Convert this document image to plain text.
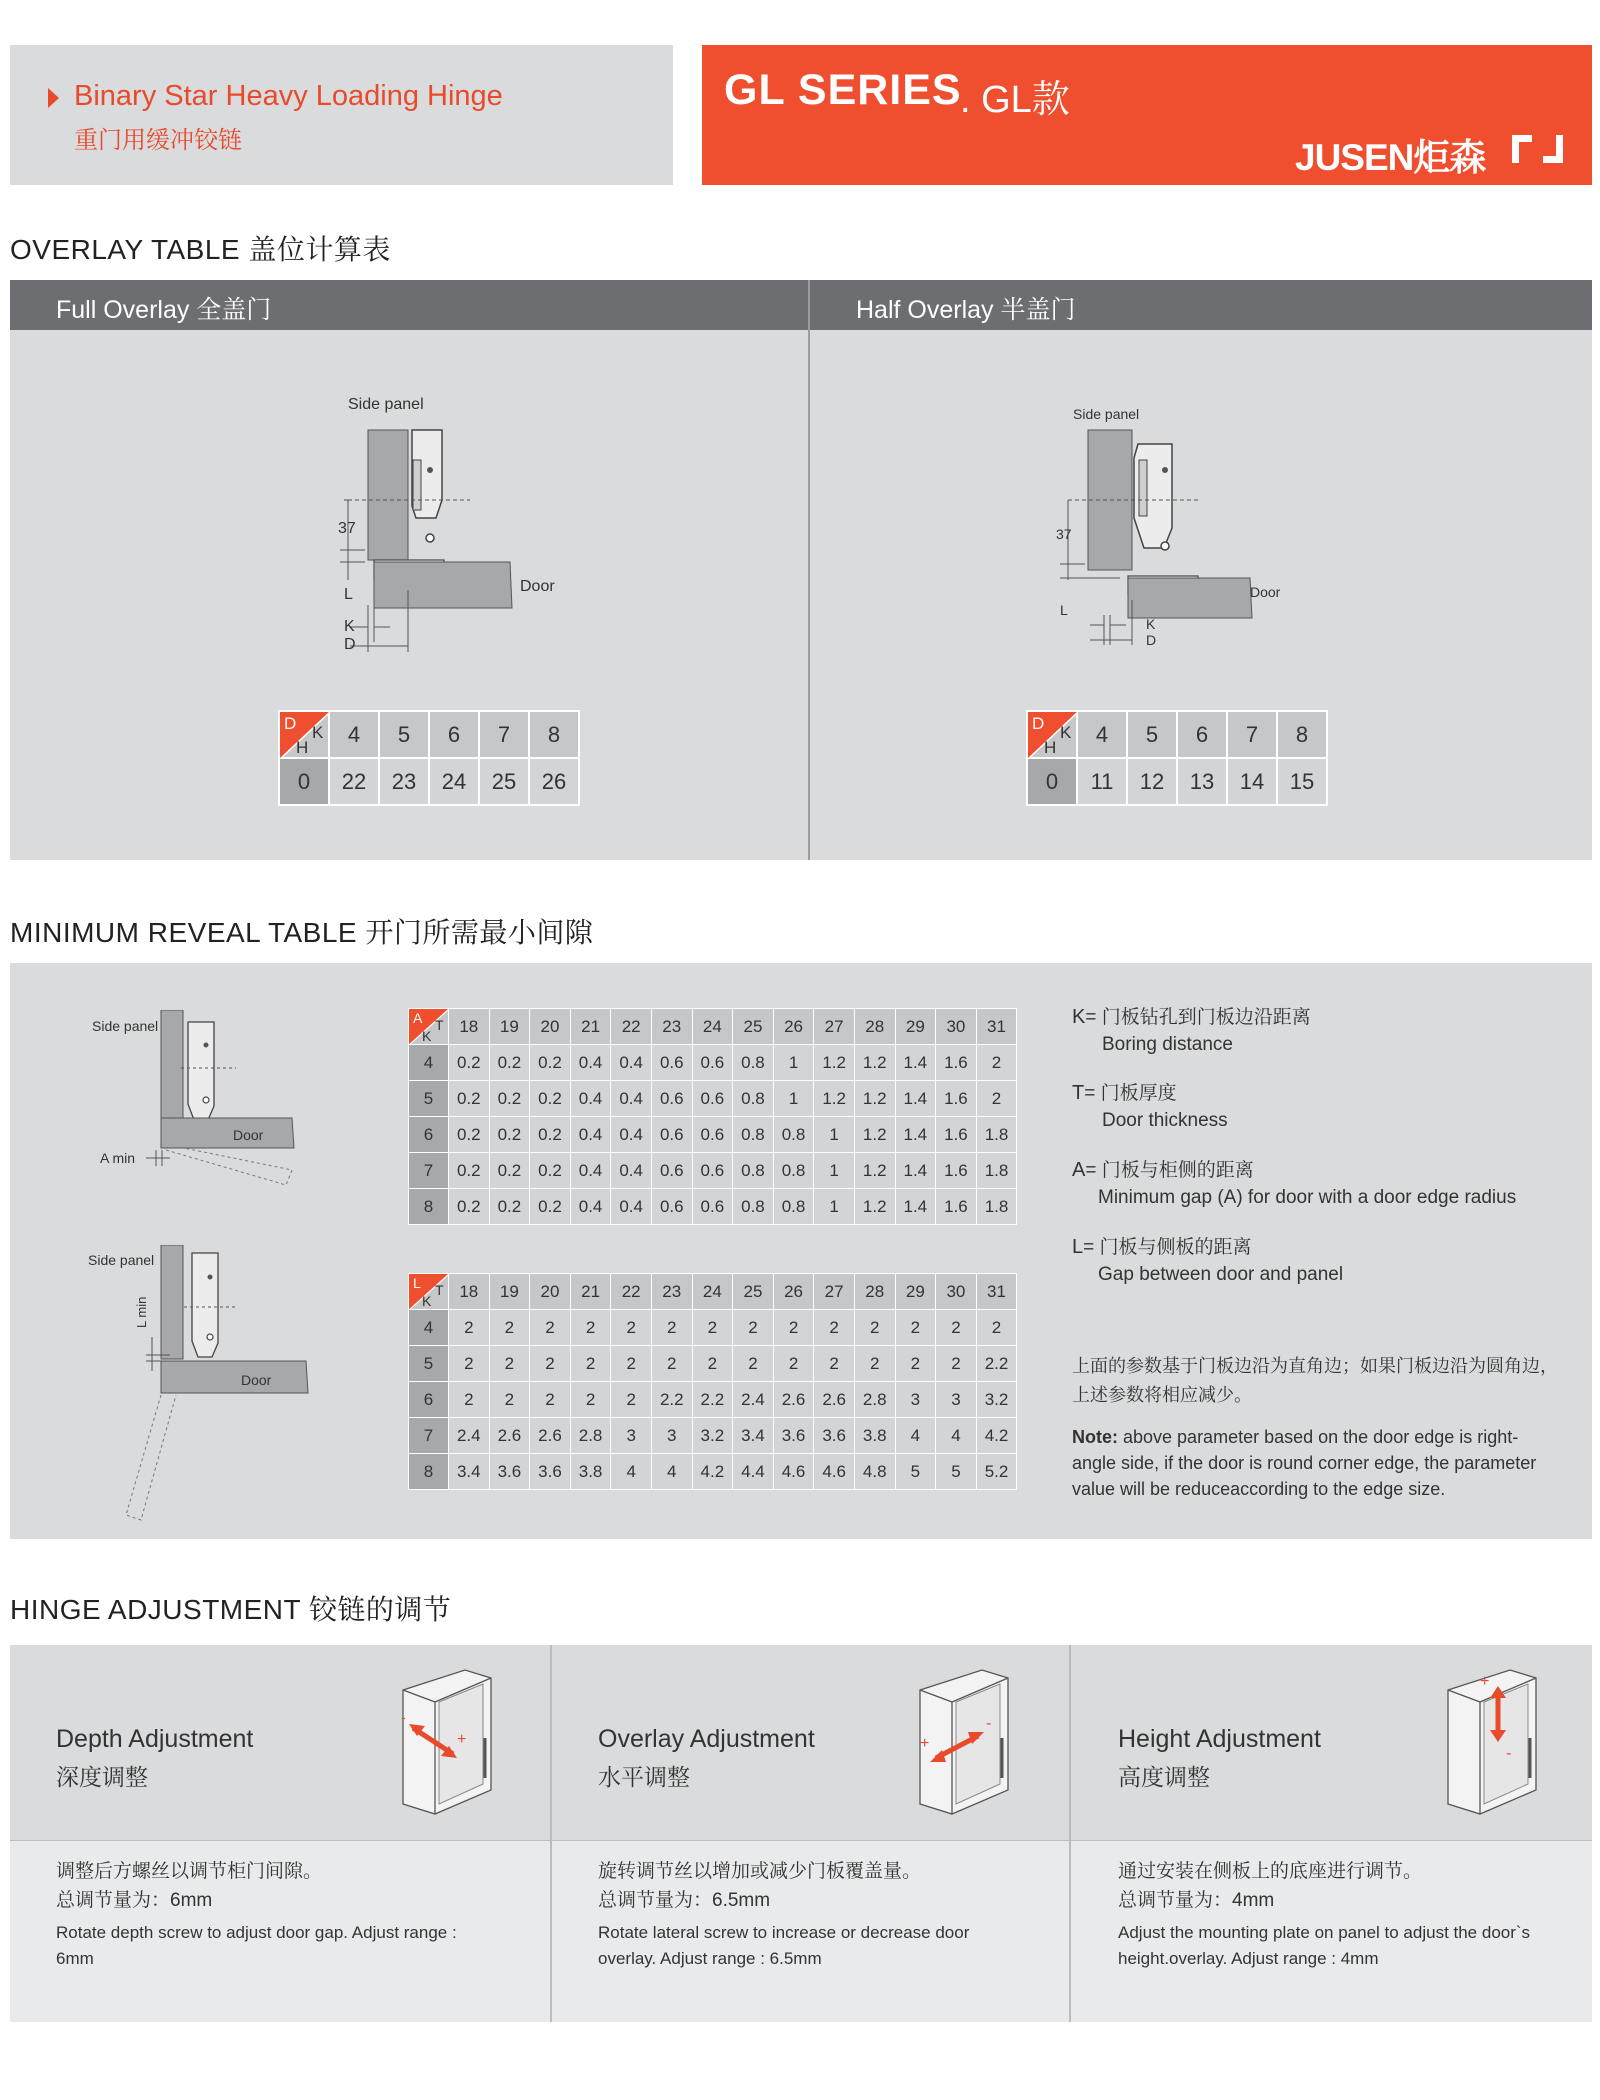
Binary Star Heavy Loading Hinge
重门用缓冲铰链
GL SERIES
. GL款
JUSEN炬森
OVERLAY TABLE 盖位计算表
Full Overlay 全盖门	Half Overlay 半盖门
Side panel
37
Door
L
K
D
D K
H	4	5	6	7	8
0	22	23	24	25	26
Side panel
37
Door
L
K
D
D K
H	4	5	6	7	8
0	11	12	13	14	15
MINIMUM REVEAL TABLE 开门所需最小间隙
Side panel
Door
A min
Side panel
Door
L min
A T
K	18	19	20	21	22	23	24	25	26	27	28	29	30	31
4	0.2	0.2	0.2	0.4	0.4	0.6	0.6	0.8	1	1.2	1.2	1.4	1.6	2
5	0.2	0.2	0.2	0.4	0.4	0.6	0.6	0.8	1	1.2	1.2	1.4	1.6	2
6	0.2	0.2	0.2	0.4	0.4	0.6	0.6	0.8	0.8	1	1.2	1.4	1.6	1.8
7	0.2	0.2	0.2	0.4	0.4	0.6	0.6	0.8	0.8	1	1.2	1.4	1.6	1.8
8	0.2	0.2	0.2	0.4	0.4	0.6	0.6	0.8	0.8	1	1.2	1.4	1.6	1.8
L T
K	18	19	20	21	22	23	24	25	26	27	28	29	30	31
4	2	2	2	2	2	2	2	2	2	2	2	2	2	2
5	2	2	2	2	2	2	2	2	2	2	2	2	2	2.2
6	2	2	2	2	2	2.2	2.2	2.4	2.6	2.6	2.8	3	3	3.2
7	2.4	2.6	2.6	2.8	3	3	3.2	3.4	3.6	3.6	3.8	4	4	4.2
8	3.4	3.6	3.6	3.8	4	4	4.2	4.4	4.6	4.6	4.8	5	5	5.2
K= 门板钻孔到门板边沿距离
Boring distance
T= 门板厚度
Door thickness
A= 门板与柜侧的距离
Minimum gap (A) for door with a door edge radius
L= 门板与侧板的距离
Gap between door and panel
上面的参数基于门板边沿为直角边；如果门板边沿为圆角边，上述参数将相应减少。
Note: above parameter based on the door edge is right-angle side, if the door is round corner edge, the parameter value will be reduceaccording to the edge size.
HINGE ADJUSTMENT 铰链的调节
Depth Adjustment
深度调整
-
+
调整后方螺丝以调节柜门间隙。
总调节量为：6mm
Rotate depth screw to adjust door gap. Adjust range : 6mm
Overlay Adjustment
水平调整
+
-
旋转调节丝以增加或减少门板覆盖量。
总调节量为：6.5mm
Rotate lateral screw to increase or decrease door overlay. Adjust range : 6.5mm
Height Adjustment
高度调整
+
-
通过安装在侧板上的底座进行调节。
总调节量为：4mm
Adjust the mounting plate on panel to adjust the door`s height.overlay. Adjust range : 4mm
